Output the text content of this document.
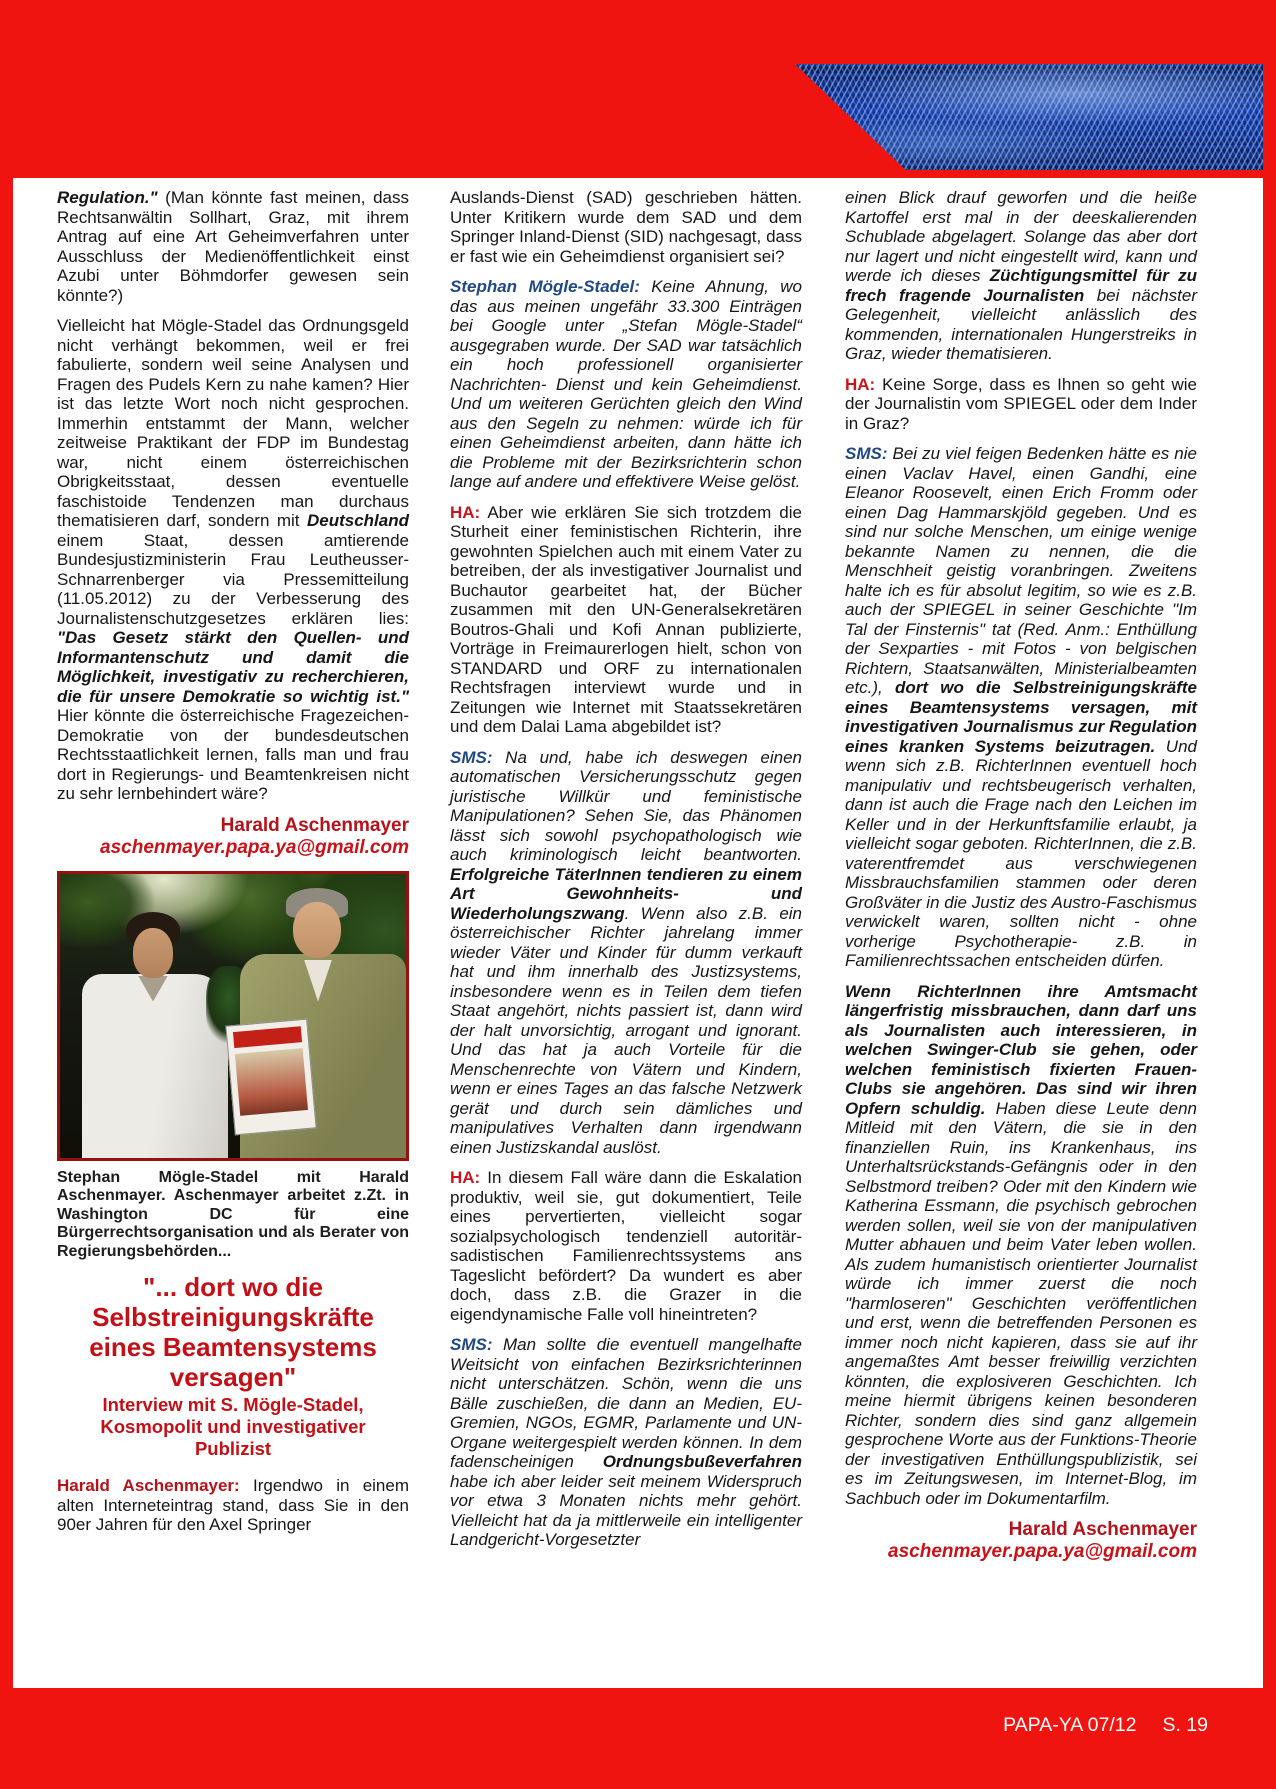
Regulation." (Man könnte fast meinen, dass Rechtsanwältin Sollhart, Graz, mit ihrem Antrag auf eine Art Geheimverfahren unter Ausschluss der Medienöffentlichkeit einst Azubi unter Böhmdorfer gewesen sein könnte?)

Vielleicht hat Mögle-Stadel das Ordnungsgeld nicht verhängt bekommen, weil er frei fabulierte, sondern weil seine Analysen und Fragen des Pudels Kern zu nahe kamen? Hier ist das letzte Wort noch nicht gesprochen. Immerhin entstammt der Mann, welcher zeitweise Praktikant der FDP im Bundestag war, nicht einem österreichischen Obrigkeitsstaat, dessen eventuelle faschistoide Tendenzen man durchaus thematisieren darf, sondern mit Deutschland einem Staat, dessen amtierende Bundesjustizministerin Frau Leutheusser-Schnarrenberger via Pressemitteilung (11.05.2012) zu der Verbesserung des Journalistenschutzgesetzes erklären lies: "Das Gesetz stärkt den Quellen- und Informantenschutz und damit die Möglichkeit, investigativ zu recherchieren, die für unsere Demokratie so wichtig ist." Hier könnte die österreichische Fragezeichen-Demokratie von der bundesdeutschen Rechtsstaatlichkeit lernen, falls man und frau dort in Regierungs- und Beamtenkreisen nicht zu sehr lernbehindert wäre?

Harald Aschenmayer
aschenmayer.papa.ya@gmail.com

Stephan Mögle-Stadel mit Harald Aschenmayer. Aschenmayer arbeitet z.Zt. in Washington DC für eine Bürgerrechtsorganisation und als Berater von Regierungsbehörden...

"... dort wo die Selbstreinigungskräfte eines Beamtensystems versagen"
Interview mit S. Mögle-Stadel, Kosmopolit und investigativer Publizist

Harald Aschenmayer: Irgendwo in einem alten Interneteintrag stand, dass Sie in den 90er Jahren für den Axel Springer

Auslands-Dienst (SAD) geschrieben hätten. Unter Kritikern wurde dem SAD und dem Springer Inland-Dienst (SID) nachgesagt, dass er fast wie ein Geheimdienst organisiert sei?

Stephan Mögle-Stadel: Keine Ahnung, wo das aus meinen ungefähr 33.300 Einträgen bei Google unter „Stefan Mögle-Stadel“ ausgegraben wurde. Der SAD war tatsächlich ein hoch professionell organisierter Nachrichten- Dienst und kein Geheimdienst. Und um weiteren Gerüchten gleich den Wind aus den Segeln zu nehmen: würde ich für einen Geheimdienst arbeiten, dann hätte ich die Probleme mit der Bezirksrichterin schon lange auf andere und effektivere Weise gelöst.

HA: Aber wie erklären Sie sich trotzdem die Sturheit einer feministischen Richterin, ihre gewohnten Spielchen auch mit einem Vater zu betreiben, der als investigativer Journalist und Buchautor gearbeitet hat, der Bücher zusammen mit den UN-Generalsekretären Boutros-Ghali und Kofi Annan publizierte, Vorträge in Freimaurerlogen hielt, schon von STANDARD und ORF zu internationalen Rechtsfragen interviewt wurde und in Zeitungen wie Internet mit Staatssekretären und dem Dalai Lama abgebildet ist?

SMS: Na und, habe ich deswegen einen automatischen Versicherungsschutz gegen juristische Willkür und feministische Manipulationen? Sehen Sie, das Phänomen lässt sich sowohl psychopathologisch wie auch kriminologisch leicht beantworten. Erfolgreiche TäterInnen tendieren zu einem Art Gewohnheits- und Wiederholungszwang. Wenn also z.B. ein österreichischer Richter jahrelang immer wieder Väter und Kinder für dumm verkauft hat und ihm innerhalb des Justizsystems, insbesondere wenn es in Teilen dem tiefen Staat angehört, nichts passiert ist, dann wird der halt unvorsichtig, arrogant und ignorant. Und das hat ja auch Vorteile für die Menschenrechte von Vätern und Kindern, wenn er eines Tages an das falsche Netzwerk gerät und durch sein dämliches und manipulatives Verhalten dann irgendwann einen Justizskandal auslöst.

HA: In diesem Fall wäre dann die Eskalation produktiv, weil sie, gut dokumentiert, Teile eines pervertierten, vielleicht sogar sozialpsychologisch tendenziell autoritär-sadistischen Familienrechtssystems ans Tageslicht befördert? Da wundert es aber doch, dass z.B. die Grazer in die eigendynamische Falle voll hineintreten?

SMS: Man sollte die eventuell mangelhafte Weitsicht von einfachen Bezirksrichterinnen nicht unterschätzen. Schön, wenn die uns Bälle zuschießen, die dann an Medien, EU-Gremien, NGOs, EGMR, Parlamente und UN-Organe weitergespielt werden können. In dem fadenscheinigen Ordnungsbußeverfahren habe ich aber leider seit meinem Widerspruch vor etwa 3 Monaten nichts mehr gehört. Vielleicht hat da ja mittlerweile ein intelligenter Landgericht-Vorgesetzter

einen Blick drauf geworfen und die heiße Kartoffel erst mal in der deeskalierenden Schublade abgelagert. Solange das aber dort nur lagert und nicht eingestellt wird, kann und werde ich dieses Züchtigungsmittel für zu frech fragende Journalisten bei nächster Gelegenheit, vielleicht anlässlich des kommenden, internationalen Hungerstreiks in Graz, wieder thematisieren.

HA: Keine Sorge, dass es Ihnen so geht wie der Journalistin vom SPIEGEL oder dem Inder in Graz?

SMS: Bei zu viel feigen Bedenken hätte es nie einen Vaclav Havel, einen Gandhi, eine Eleanor Roosevelt, einen Erich Fromm oder einen Dag Hammarskjöld gegeben. Und es sind nur solche Menschen, um einige wenige bekannte Namen zu nennen, die die Menschheit geistig voranbringen. Zweitens halte ich es für absolut legitim, so wie es z.B. auch der SPIEGEL in seiner Geschichte "Im Tal der Finsternis" tat (Red. Anm.: Enthüllung der Sexparties - mit Fotos - von belgischen Richtern, Staatsanwälten, Ministerialbeamten etc.), dort wo die Selbstreinigungskräfte eines Beamtensystems versagen, mit investigativen Journalismus zur Regulation eines kranken Systems beizutragen. Und wenn sich z.B. RichterInnen eventuell hoch manipulativ und rechtsbeugerisch verhalten, dann ist auch die Frage nach den Leichen im Keller und in der Herkunftsfamilie erlaubt, ja vielleicht sogar geboten. RichterInnen, die z.B. vaterentfremdet aus verschwiegenen Missbrauchsfamilien stammen oder deren Großväter in die Justiz des Austro-Faschismus verwickelt waren, sollten nicht - ohne vorherige Psychotherapie- z.B. in Familienrechtssachen entscheiden dürfen.

Wenn RichterInnen ihre Amtsmacht längerfristig missbrauchen, dann darf uns als Journalisten auch interessieren, in welchen Swinger-Club sie gehen, oder welchen feministisch fixierten Frauen-Clubs sie angehören. Das sind wir ihren Opfern schuldig. Haben diese Leute denn Mitleid mit den Vätern, die sie in den finanziellen Ruin, ins Krankenhaus, ins Unterhaltsrückstands-Gefängnis oder in den Selbstmord treiben? Oder mit den Kindern wie Katherina Essmann, die psychisch gebrochen werden sollen, weil sie von der manipulativen Mutter abhauen und beim Vater leben wollen. Als zudem humanistisch orientierter Journalist würde ich immer zuerst die noch "harmloseren" Geschichten veröffentlichen und erst, wenn die betreffenden Personen es immer noch nicht kapieren, dass sie auf ihr angemaßtes Amt besser freiwillig verzichten könnten, die explosiveren Geschichten. Ich meine hiermit übrigens keinen besonderen Richter, sondern dies sind ganz allgemein gesprochene Worte aus der Funktions-Theorie der investigativen Enthüllungspublizistik, sei es im Zeitungswesen, im Internet-Blog, im Sachbuch oder im Dokumentarfilm.

Harald Aschenmayer
aschenmayer.papa.ya@gmail.com
PAPA-YA 07/12 S. 19
